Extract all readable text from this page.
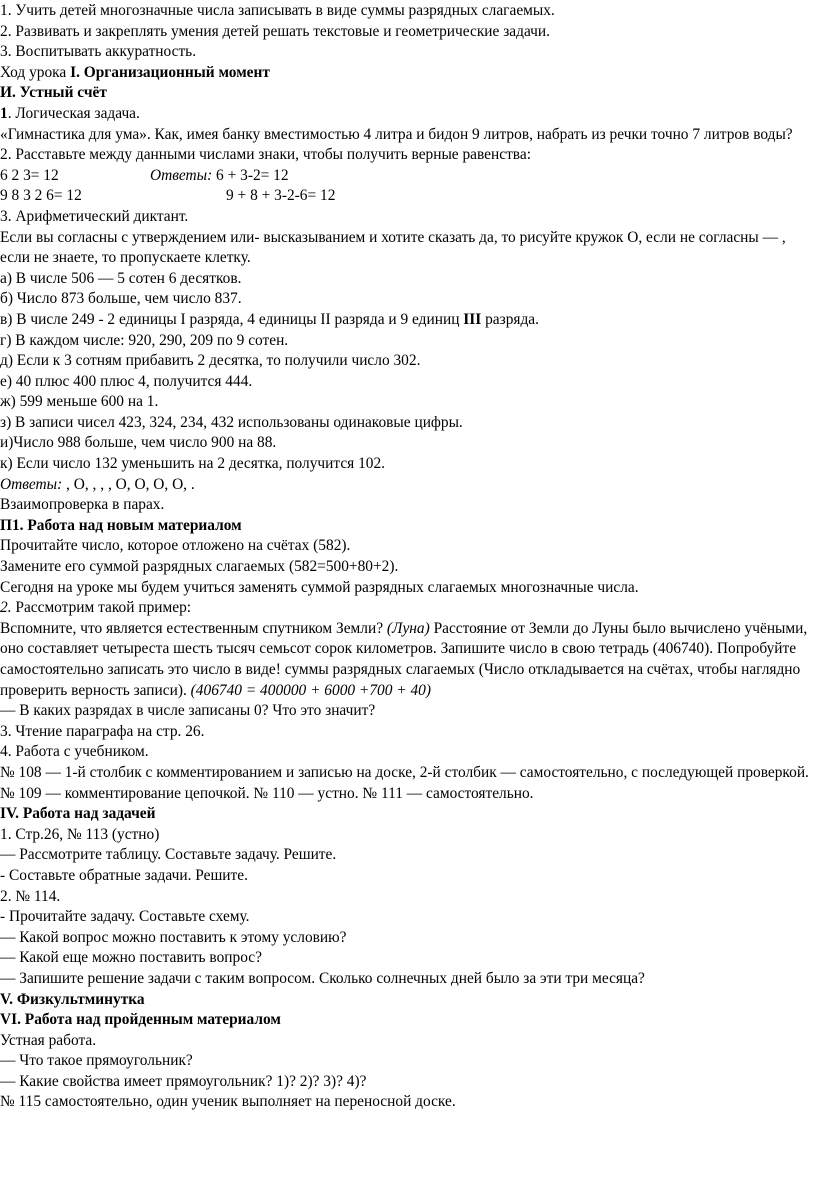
1. Учить детей многозначные числа записывать в виде суммы разрядных слагаемых.

2. Развивать и закреплять умения детей решать текстовые и геометрические задачи.

3. Воспитывать аккуратность.

Ход урока I. Организационный момент

И. Устный счёт

1. Логическая задача.

«Гимнастика для ума». Как, имея банку вместимостью 4 литра и бидон 9 литров, набрать из речки точно 7 литров воды?

2. Расставьте между данными числами знаки, чтобы получить верные равенства:

6 2 3= 12	Ответы: 6 + 3-2= 12

9 8 3 2 6= 12	9 + 8 + 3-2-6= 12

3. Арифметический диктант.

Если вы согласны с утверждением или- высказыванием и хотите сказать да, то рисуйте кружок О, если не согласны — , если не знаете, то пропускаете клетку.

а) В числе 506 — 5 сотен 6 десятков.

б) Число 873 больше, чем число 837.

в) В числе 249 - 2 единицы I разряда, 4 единицы II разряда и 9 единиц III разряда.

г) В каждом числе: 920, 290, 209 по 9 сотен.

д) Если к 3 сотням прибавить 2 десятка, то получили число 302.

е) 40 плюс 400 плюс 4, получится 444.

ж) 599 меньше 600 на 1.

з) В записи чисел 423, 324, 234, 432 использованы одинаковые цифры.

и)Число 988 больше, чем число 900 на 88.

к) Если число 132 уменьшить на 2 десятка, получится 102.

Ответы: , О, , , , О, О, О, О, .

Взаимопроверка в парах.

П1. Работа над новым материалом

Прочитайте число, которое отложено на счётах (582).

Замените его суммой разрядных слагаемых (582=500+80+2).

Сегодня на уроке мы будем учиться заменять суммой разрядных слагаемых многозначные числа.

2. Рассмотрим такой пример:

Вспомните, что является естественным спутником Земли? (Луна) Расстояние от Земли до Луны было вычислено учёными, оно составляет четыреста шесть тысяч семьсот сорок километров. Запишите число в свою тетрадь (406740). Попробуйте самостоятельно записать это число в виде! суммы разрядных слагаемых (Число откладывается на счётах, чтобы наглядно проверить верность записи). (406740 = 400000 + 6000 +700 + 40)

— В каких разрядах в числе записаны 0? Что это значит?

3. Чтение параграфа на стр. 26.

4. Работа с учебником.

№ 108 — 1-й столбик с комментированием и записью на доске, 2-й столбик — самостоятельно, с последующей проверкой. № 109 — комментирование цепочкой. № 110 — устно. № 111 — самостоятельно.

IV. Работа над задачей

1. Стр.26, № 113 (устно)

— Рассмотрите таблицу. Составьте задачу. Решите.

- Составьте обратные задачи. Решите.

2. № 114.

- Прочитайте задачу. Составьте схему.

— Какой вопрос можно поставить к этому условию?

— Какой еще можно поставить вопрос?

— Запишите решение задачи с таким вопросом. Сколько солнечных дней было за эти три месяца?

V. Физкультминутка

VI. Работа над пройденным материалом

Устная работа.

— Что такое прямоугольник?

— Какие свойства имеет прямоугольник? 1)? 2)? 3)? 4)?

№ 115 самостоятельно, один ученик выполняет на переносной доске.
